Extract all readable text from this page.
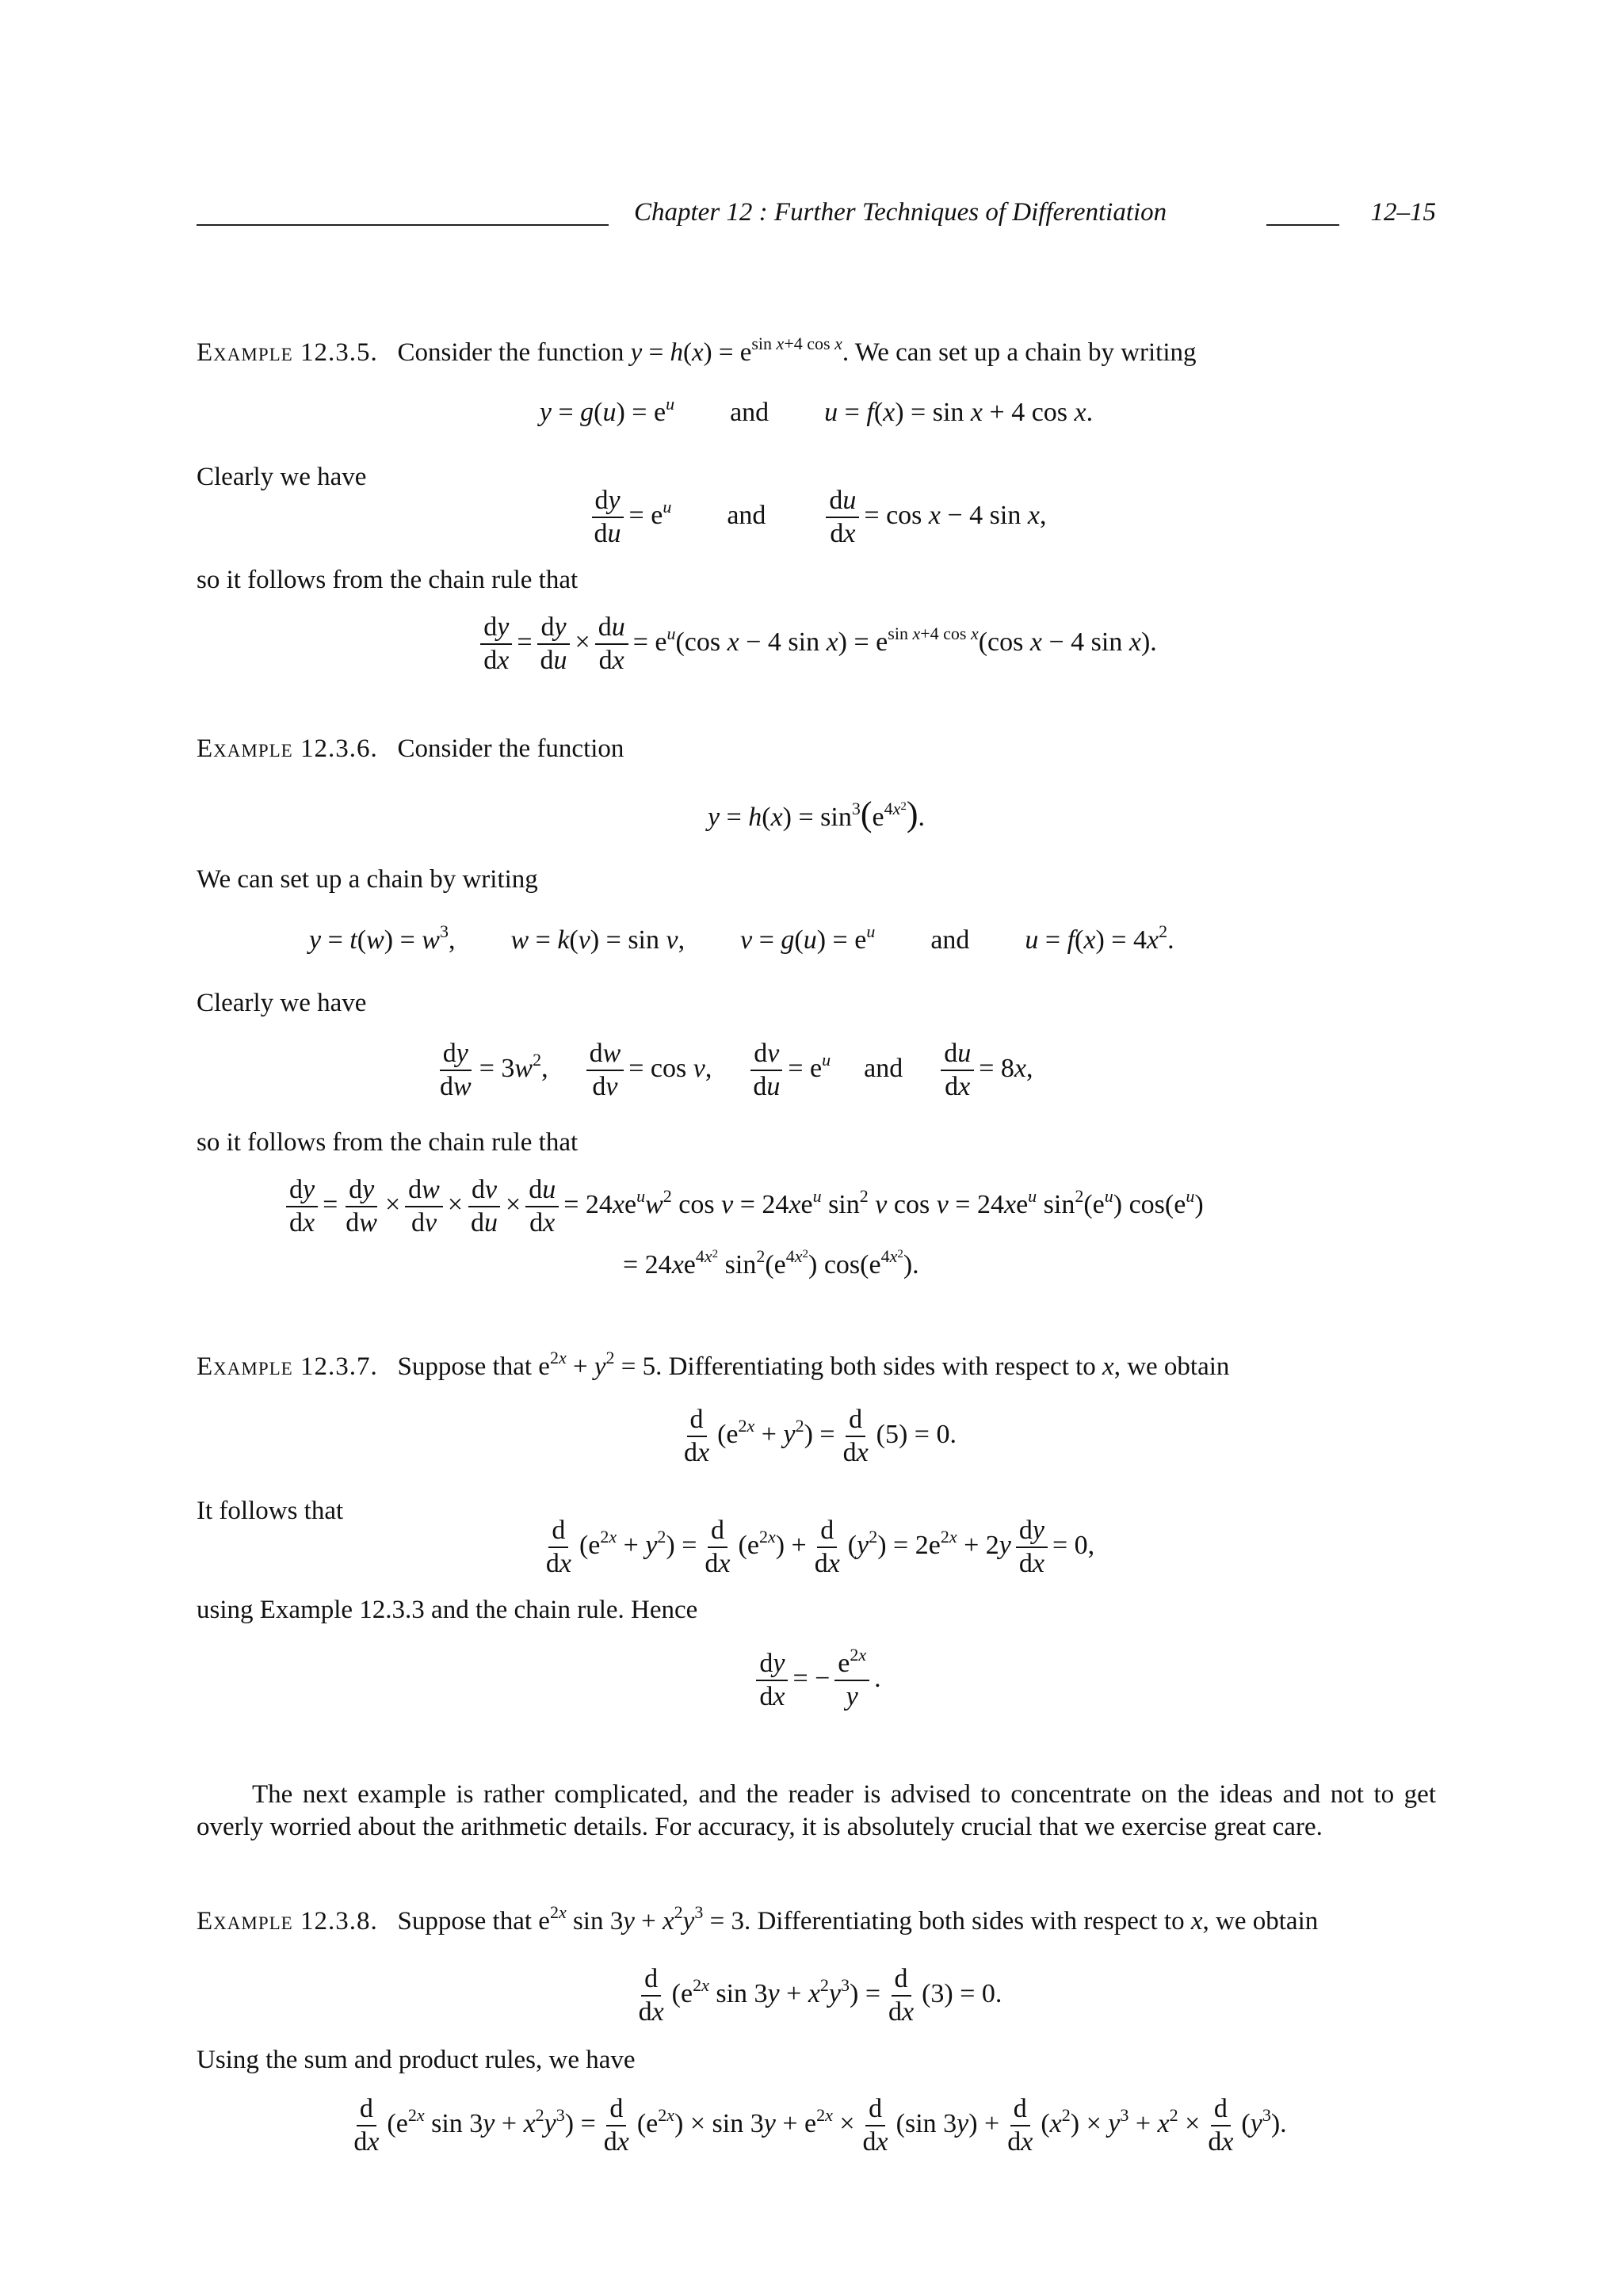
Chapter 12 : Further Techniques of Differentiation	12–15
Example 12.3.5. Consider the function $y = h(x) = e^{sin x+4 cos x}$. We can set up a chain by writing
$y = g(u) = e^u$ and u = f(x) = sin x + 4 cos x.
Clearly we have
$\frac{dy}{du} = e^u$ and $\frac{du}{dx} = \cos x - 4$ sin x,
so it follows from the chain rule that
$\frac{dy}{dx} = \frac{dy}{du} \times \frac{du}{dx} = e^u(\cos$ x − 4 $\sin x) = e^{sin x+4 cos x}(\cos$ x − 4 sin x).
Example 12.3.6. Consider the function
$y = h(x) = \sin^3(e^{4x^2})$.
We can set up a chain by writing
$y = t(w) = w^3$, w = k(v) = sin v, $v = g(u) = e^u$ and $u = f(x) = 4x^2$.
Clearly we have
$\frac{dy}{dw} = 3w^2$, $\frac{dw}{dv} = \cos v$, $\frac{dv}{du} = e^u$ and $\frac{du}{dx} = 8x$,
so it follows from the chain rule that
$\frac{dy}{dx} = \frac{dy}{dw} \times \frac{dw}{dv} \times \frac{dv}{du} \times \frac{du}{dx} = 24xe^uw^2$ $\cos v = 24xe^u$ $\sin^2 v$ $\cos v = 24xe^u$ $\sin^2(e^u)$ $\cos(e^u)$
= $24xe^{4x^2}$ $\sin^2(e^{4x^2})$ $\cos(e^{4x^2})$.
Example 12.3.7. Suppose that $e^{2x} + y^2 = 5$. Differentiating both sides with respect to x, we obtain
$\frac{d}{dx} (e^{2x} + y^2) = \frac{d}{dx} (5) = 0$.
It follows that
$\frac{d}{dx} (e^{2x} + y^2) = \frac{d}{dx} (e^{2x}) + \frac{d}{dx} (y^2) = 2e^{2x} + 2y \frac{dy}{dx} = 0$,
using Example 12.3.3 and the chain rule. Hence
$\frac{dy}{dx}$ = − $\frac{e^{2x}}{y}$ .
The next example is rather complicated, and the reader is advised to concentrate on the ideas and not to get overly worried about the arithmetic details. For accuracy, it is absolutely crucial that we exercise great care.
Example 12.3.8. Suppose that $e^{2x}$ $\sin 3y + x^2y^3 = 3$. Differentiating both sides with respect to x, we obtain
$\frac{d}{dx} (e^{2x}$ $\sin 3y + x^2y^3) = \frac{d}{dx} (3) = 0$.
Using the sum and product rules, we have
$\frac{d}{dx} (e^{2x}$ $\sin 3y + x^2y^3) = \frac{d}{dx} (e^{2x}) \times \sin 3y + e^{2x} \times \frac{d}{dx} (\sin$ $3y) + \frac{d}{dx} (x^2) \times y^3 + x^2 \times \frac{d}{dx} (y^3)$.
